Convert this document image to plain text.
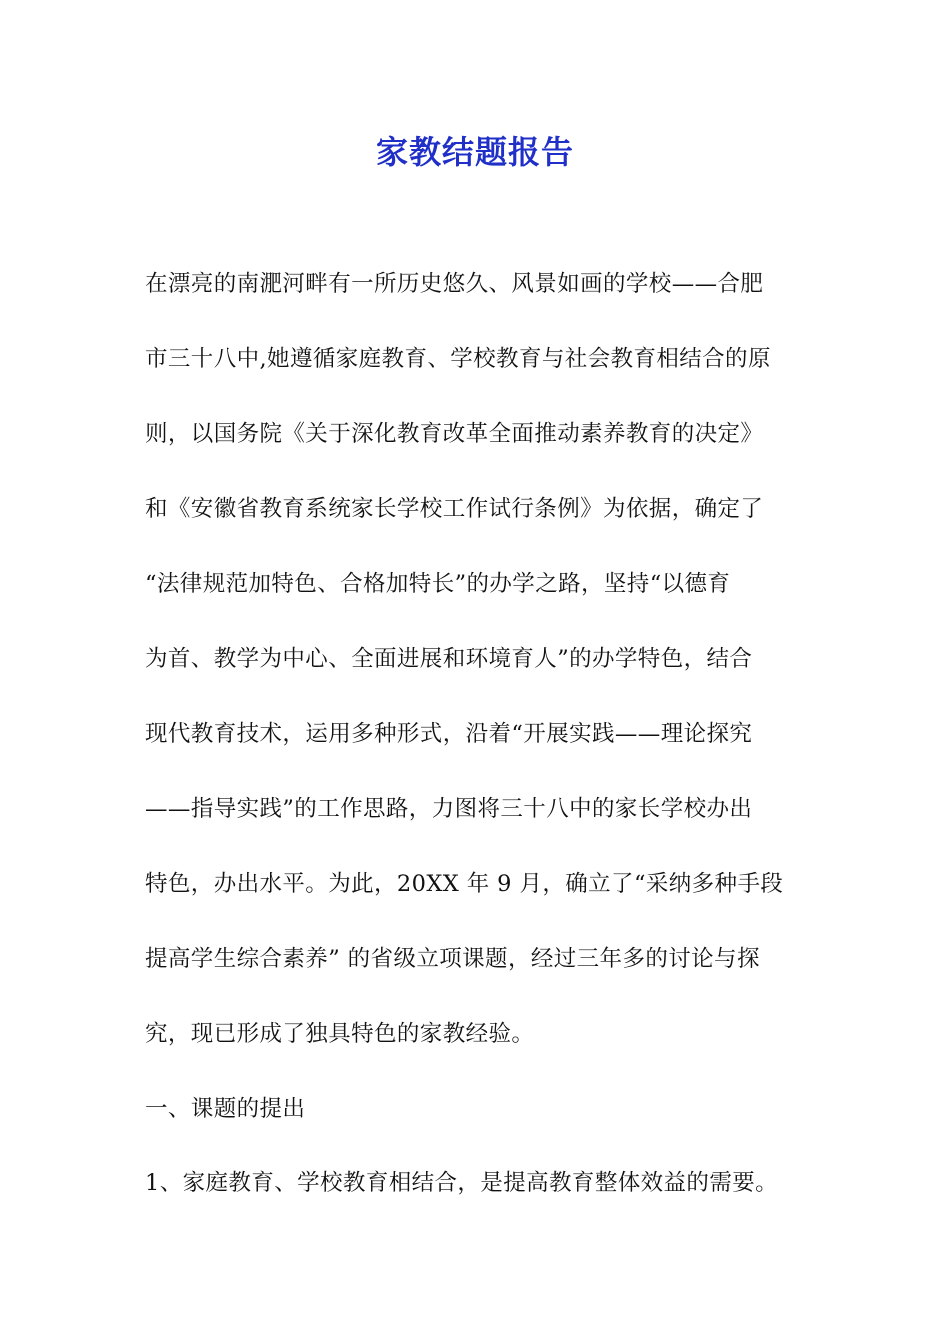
家教结题报告

在漂亮的南淝河畔有一所历史悠久、风景如画的学校——合肥

市三十八中,她遵循家庭教育、学校教育与社会教育相结合的原

则，以国务院《关于深化教育改革全面推动素养教育的决定》

和《安徽省教育系统家长学校工作试行条例》为依据，确定了

“法律规范加特色、合格加特长”的办学之路，坚持“以德育

为首、教学为中心、全面进展和环境育人”的办学特色，结合

现代教育技术，运用多种形式，沿着“开展实践——理论探究

——指导实践”的工作思路，力图将三十八中的家长学校办出

特色，办出水平。为此，20XX 年 9 月，确立了“采纳多种手段

提高学生综合素养” 的省级立项课题，经过三年多的讨论与探

究，现已形成了独具特色的家教经验。

一、课题的提出

1、家庭教育、学校教育相结合，是提高教育整体效益的需要。
